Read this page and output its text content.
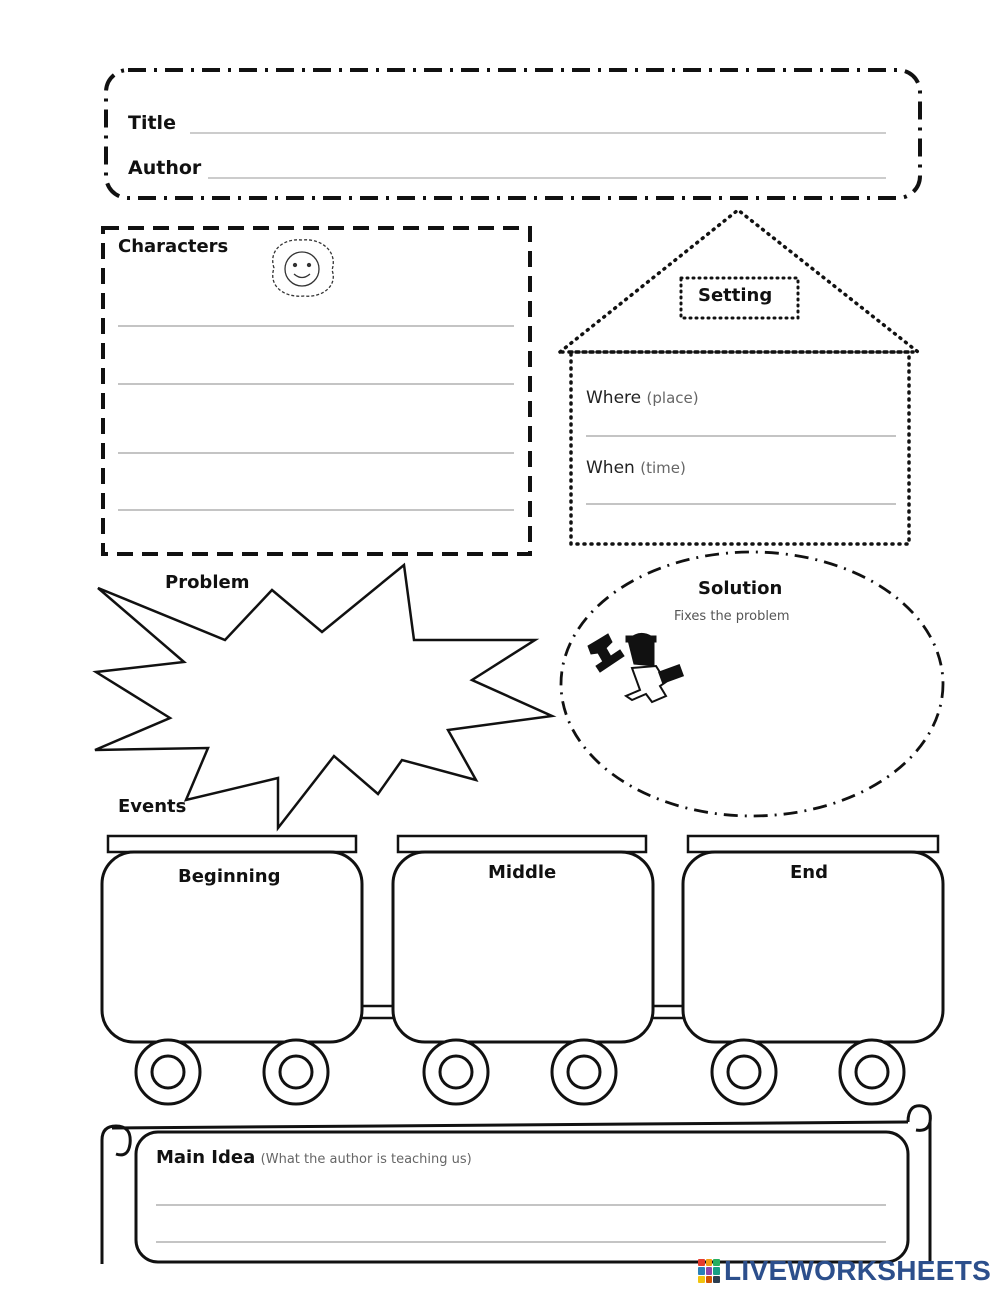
Title
Author
Characters
Setting
Where (place)
When (time)
Problem	Solution
Fixes the problem
Events
Beginning	Middle	End
Main Idea (What the author is teaching us)
LIVEWORKSHEETS
